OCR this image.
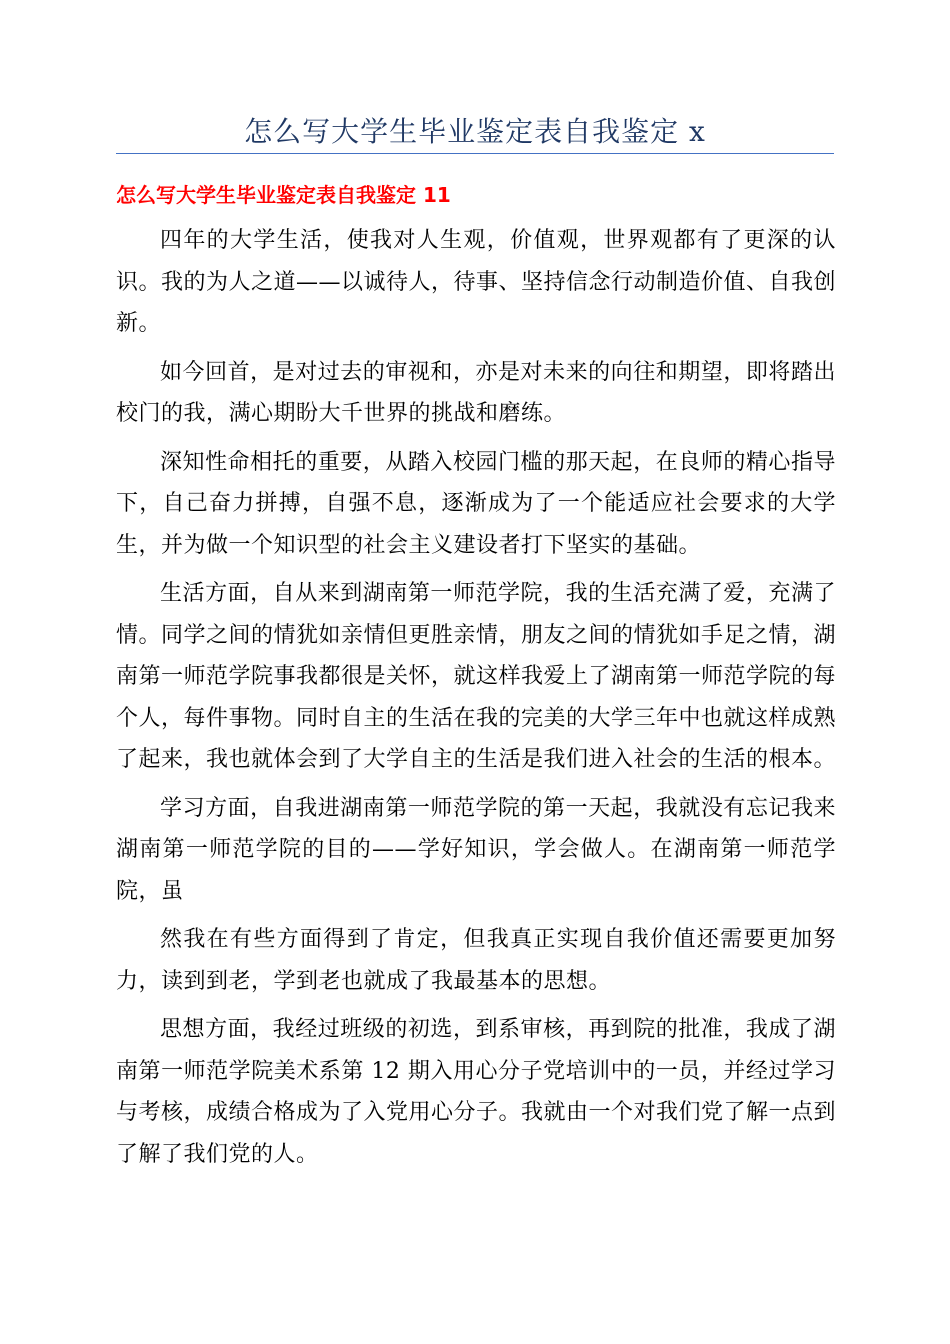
怎么写大学生毕业鉴定表自我鉴定 x
怎么写大学生毕业鉴定表自我鉴定 11

四年的大学生活，使我对人生观，价值观，世界观都有了更深的认识。我的为人之道——以诚待人，待事、坚持信念行动制造价值、自我创新。

如今回首，是对过去的审视和，亦是对未来的向往和期望，即将踏出校门的我，满心期盼大千世界的挑战和磨练。

深知性命相托的重要，从踏入校园门槛的那天起，在良师的精心指导下，自己奋力拼搏，自强不息，逐渐成为了一个能适应社会要求的大学生，并为做一个知识型的社会主义建设者打下坚实的基础。

生活方面，自从来到湖南第一师范学院，我的生活充满了爱，充满了情。同学之间的情犹如亲情但更胜亲情，朋友之间的情犹如手足之情，湖南第一师范学院事我都很是关怀，就这样我爱上了湖南第一师范学院的每个人，每件事物。同时自主的生活在我的完美的大学三年中也就这样成熟了起来，我也就体会到了大学自主的生活是我们进入社会的生活的根本。

学习方面，自我进湖南第一师范学院的第一天起，我就没有忘记我来湖南第一师范学院的目的——学好知识，学会做人。在湖南第一师范学院，虽

然我在有些方面得到了肯定，但我真正实现自我价值还需要更加努力，读到到老，学到老也就成了我最基本的思想。

思想方面，我经过班级的初选，到系审核，再到院的批准，我成了湖南第一师范学院美术系第 12 期入用心分子党培训中的一员，并经过学习与考核，成绩合格成为了入党用心分子。我就由一个对我们党了解一点到了解了我们党的人。
